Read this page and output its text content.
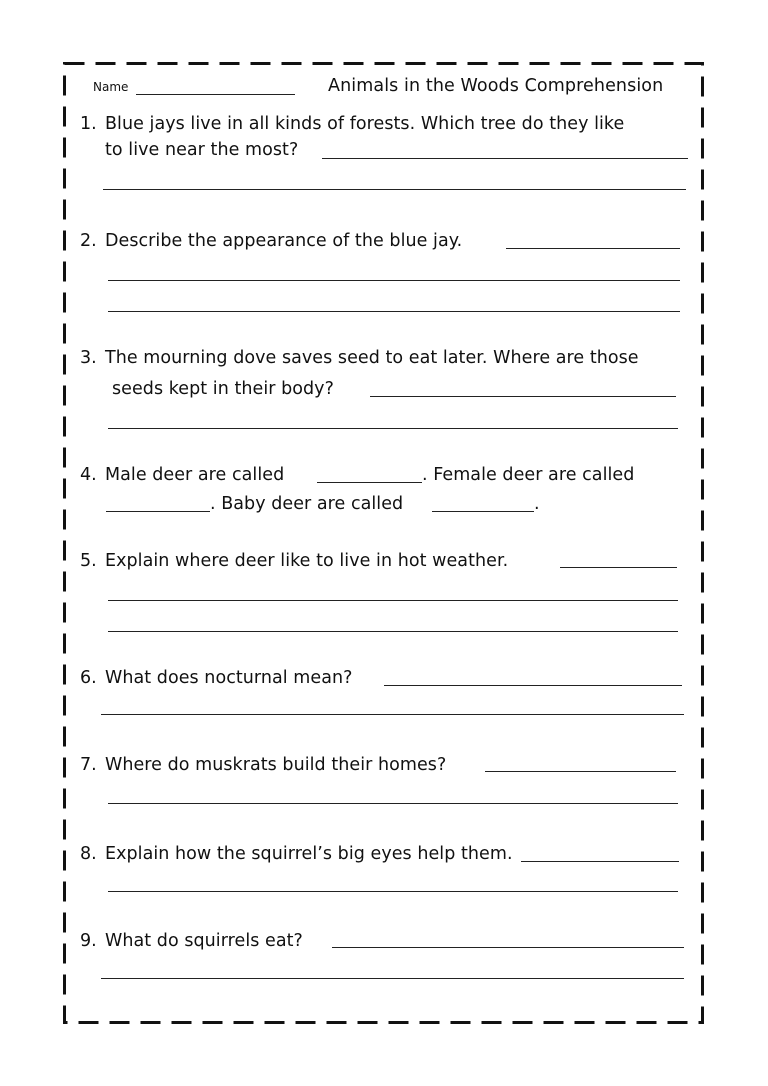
Name	Animals in the Woods Comprehension
1. Blue jays live in all kinds of forests. Which tree do they like
to live near the most?
2. Describe the appearance of the blue jay.
3. The mourning dove saves seed to eat later. Where are those
seeds kept in their body?
4. Male deer are called	. Female deer are called
. Baby deer are called	.
5. Explain where deer like to live in hot weather.
6. What does nocturnal mean?
7. Where do muskrats build their homes?
8. Explain how the squirrel’s big eyes help them.
9. What do squirrels eat?
